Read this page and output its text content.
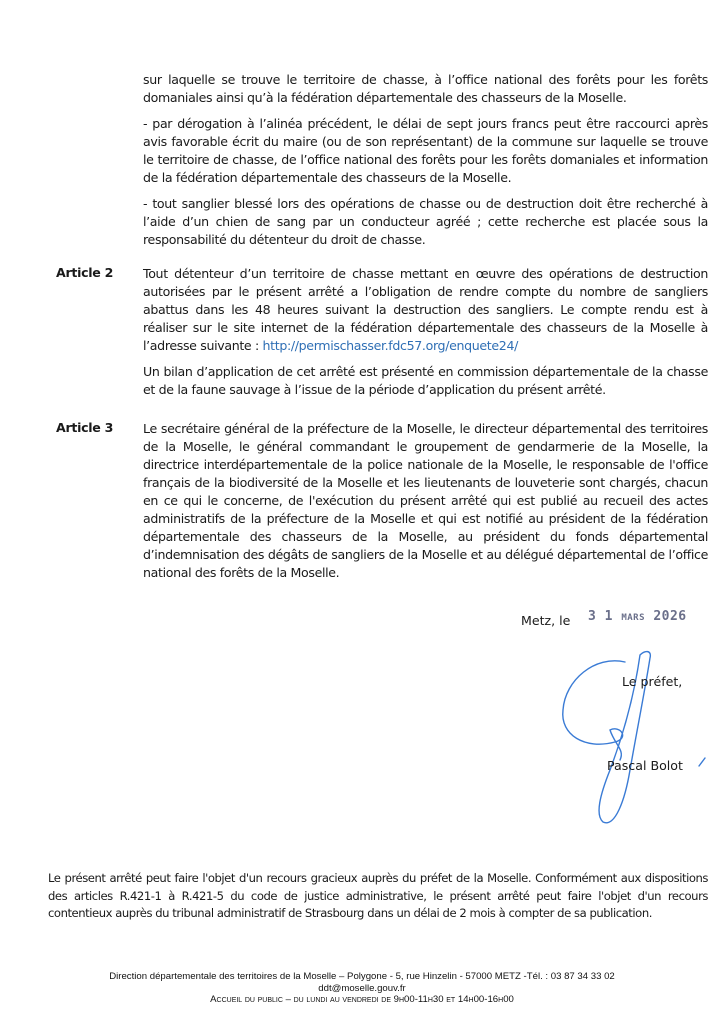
sur laquelle se trouve le territoire de chasse, à l’office national des forêts pour les forêts domaniales ainsi qu’à la fédération départementale des chasseurs de la Moselle.

- par dérogation à l’alinéa précédent, le délai de sept jours francs peut être raccourci après avis favorable écrit du maire (ou de son représentant) de la commune sur laquelle se trouve le territoire de chasse, de l’office national des forêts pour les forêts domaniales et information de la fédération départementale des chasseurs de la Moselle.

- tout sanglier blessé lors des opérations de chasse ou de destruction doit être recherché à l’aide d’un chien de sang par un conducteur agréé ; cette recherche est placée sous la responsabilité du détenteur du droit de chasse.

Article 2 Tout détenteur d’un territoire de chasse mettant en œuvre des opérations de destruction autorisées par le présent arrêté a l’obligation de rendre compte du nombre de sangliers abattus dans les 48 heures suivant la destruction des sangliers. Le compte rendu est à réaliser sur le site internet de la fédération départementale des chasseurs de la Moselle à l’adresse suivante : http://permischasser.fdc57.org/enquete24/

Un bilan d’application de cet arrêté est présenté en commission départementale de la chasse et de la faune sauvage à l’issue de la période d’application du présent arrêté.

Article 3 Le secrétaire général de la préfecture de la Moselle, le directeur départemental des territoires de la Moselle, le général commandant le groupement de gendarmerie de la Moselle, la directrice interdépartementale de la police nationale de la Moselle, le responsable de l'office français de la biodiversité de la Moselle et les lieutenants de louveterie sont chargés, chacun en ce qui le concerne, de l'exécution du présent arrêté qui est publié au recueil des actes administratifs de la préfecture de la Moselle et qui est notifié au président de la fédération départementale des chasseurs de la Moselle, au président du fonds départemental d’indemnisation des dégâts de sangliers de la Moselle et au délégué départemental de l’office national des forêts de la Moselle.

Metz, le 3 1 MARS 2026
Le préfet,
Pascal Bolot
Le présent arrêté peut faire l'objet d'un recours gracieux auprès du préfet de la Moselle. Conformément aux dispositions des articles R.421-1 à R.421-5 du code de justice administrative, le présent arrêté peut faire l'objet d'un recours contentieux auprès du tribunal administratif de Strasbourg dans un délai de 2 mois à compter de sa publication.
Direction départementale des territoires de la Moselle – Polygone - 5, rue Hinzelin - 57000 METZ -Tél. : 03 87 34 33 02
ddt@moselle.gouv.fr
Accueil du public – du lundi au vendredi de 9h00-11h30 et 14h00-16h00
